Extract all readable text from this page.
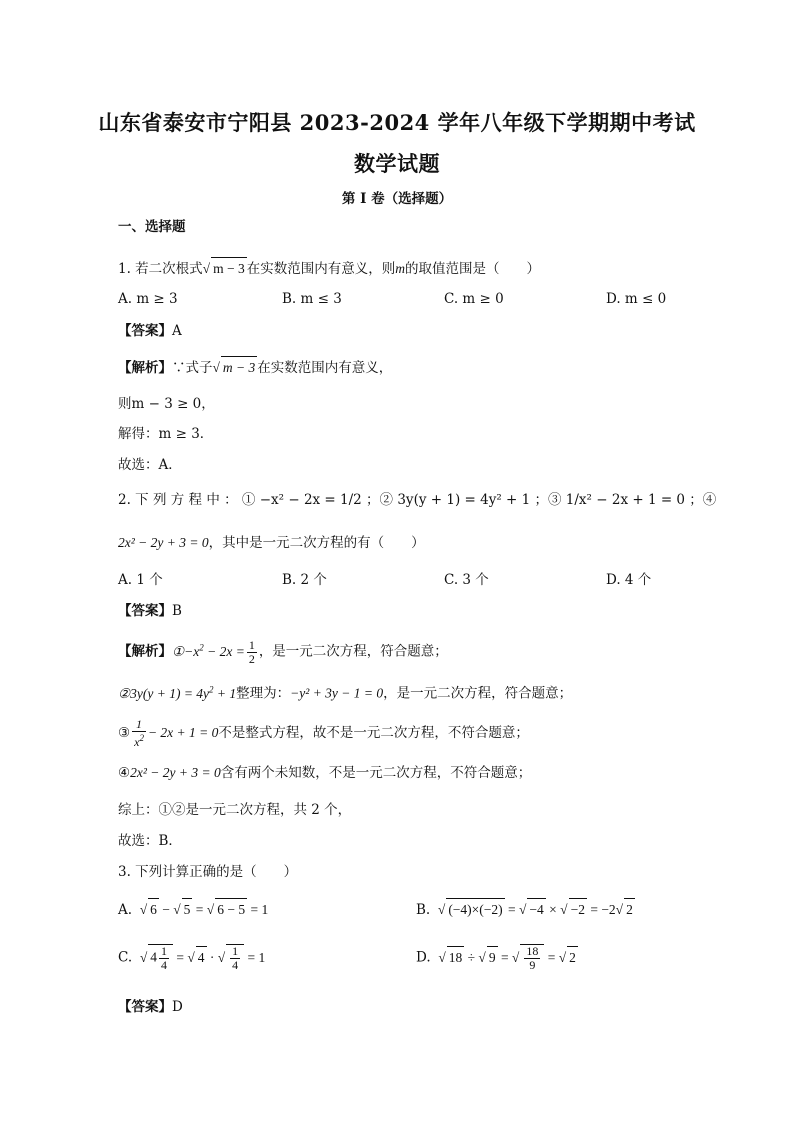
山东省泰安市宁阳县 2023-2024 学年八年级下学期期中考试
数学试题
第 I 卷（选择题）
一、选择题
1. 若二次根式√ m − 3 在实数范围内有意义，则m的取值范围是（　　）
A. m ≥ 3	B. m ≤ 3	C. m ≥ 0	D. m ≤ 0
【答案】A
【解析】∵式子√ m − 3 在实数范围内有意义，
则m − 3 ≥ 0，
解得：m ≥ 3．
故选：A．
2. 下 列 方 程 中 ： ① −x² − 2x = 1/2 ；② 3y(y + 1) = 4y² + 1 ；③ 1/x² − 2x + 1 = 0 ；④
2x² − 2y + 3 = 0，其中是一元二次方程的有（　　）
A. 1 个	B. 2 个	C. 3 个	D. 4 个
【答案】B
【解析】$①-x^2 - 2x = \frac{1}{2}$ ，是一元二次方程，符合题意；
②3y(y + $1) = 4y^2 + 1$整理为：−y² + 3y − 1 = 0，是一元二次方程，符合题意；
③ $\frac{1}{x^2} - 2x + 1 = 0$不是整式方程，故不是一元二次方程，不符合题意；
④2x² − 2y + 3 = 0含有两个未知数，不是一元二次方程，不符合题意；
综上：①②是一元二次方程，共 2 个，
故选：B．
3. 下列计算正确的是（　　）
A.  √ 6 − √ 5 = √ 6 − 5 = 1	B.  √ (−4)×(−2) = √ −4 × √ −2 = −2√ 2
C.  √ $4 \frac{1}{4}$ = √ 4 · √ $\frac{1}{4} = 1$	D.  √ 18 ÷ √ 9 = √ $\frac{18}{9}$ = √ 2
【答案】D
